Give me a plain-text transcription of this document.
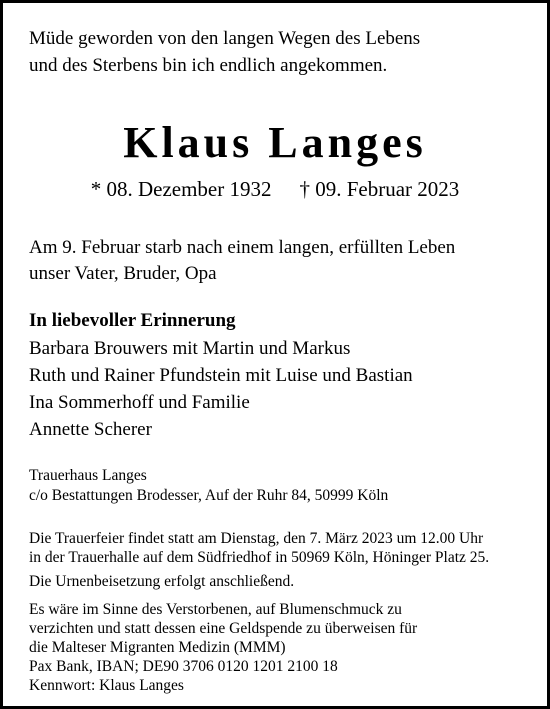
Müde geworden von den langen Wegen des Lebens
und des Sterbens bin ich endlich angekommen.
Klaus Langes
* 08. Dezember 1932 † 09. Februar 2023
Am 9. Februar starb nach einem langen, erfüllten Leben
unser Vater, Bruder, Opa
In liebevoller Erinnerung
Barbara Brouwers mit Martin und Markus
Ruth und Rainer Pfundstein mit Luise und Bastian
Ina Sommerhoff und Familie
Annette Scherer
Trauerhaus Langes
c/o Bestattungen Brodesser, Auf der Ruhr 84, 50999 Köln
Die Trauerfeier findet statt am Dienstag, den 7. März 2023 um 12.00 Uhr
in der Trauerhalle auf dem Südfriedhof in 50969 Köln, Höninger Platz 25.
Die Urnenbeisetzung erfolgt anschließend.
Es wäre im Sinne des Verstorbenen, auf Blumenschmuck zu
verzichten und statt dessen eine Geldspende zu überweisen für
die Malteser Migranten Medizin (MMM)
Pax Bank, IBAN; DE90 3706 0120 1201 2100 18
Kennwort: Klaus Langes
